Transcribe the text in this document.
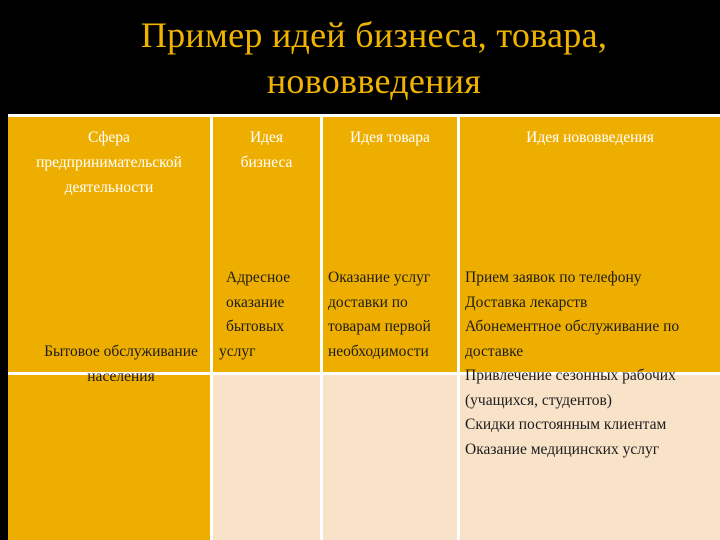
Пример идей бизнеса, товара,
нововведения
Сфера
предпринимательской
деятельности
Идея
бизнеса
Идея товара	Идея нововведения
Бытовое обслуживание
населения
Адресное
оказание
бытовых
услуг
Оказание услуг
доставки по
товарам первой
необходимости
Прием заявок по телефону
Доставка лекарств
Абонементное обслуживание по
доставке
Привлечение сезонных рабочих
(учащихся, студентов)
Скидки постоянным клиентам
Оказание медицинских услуг
